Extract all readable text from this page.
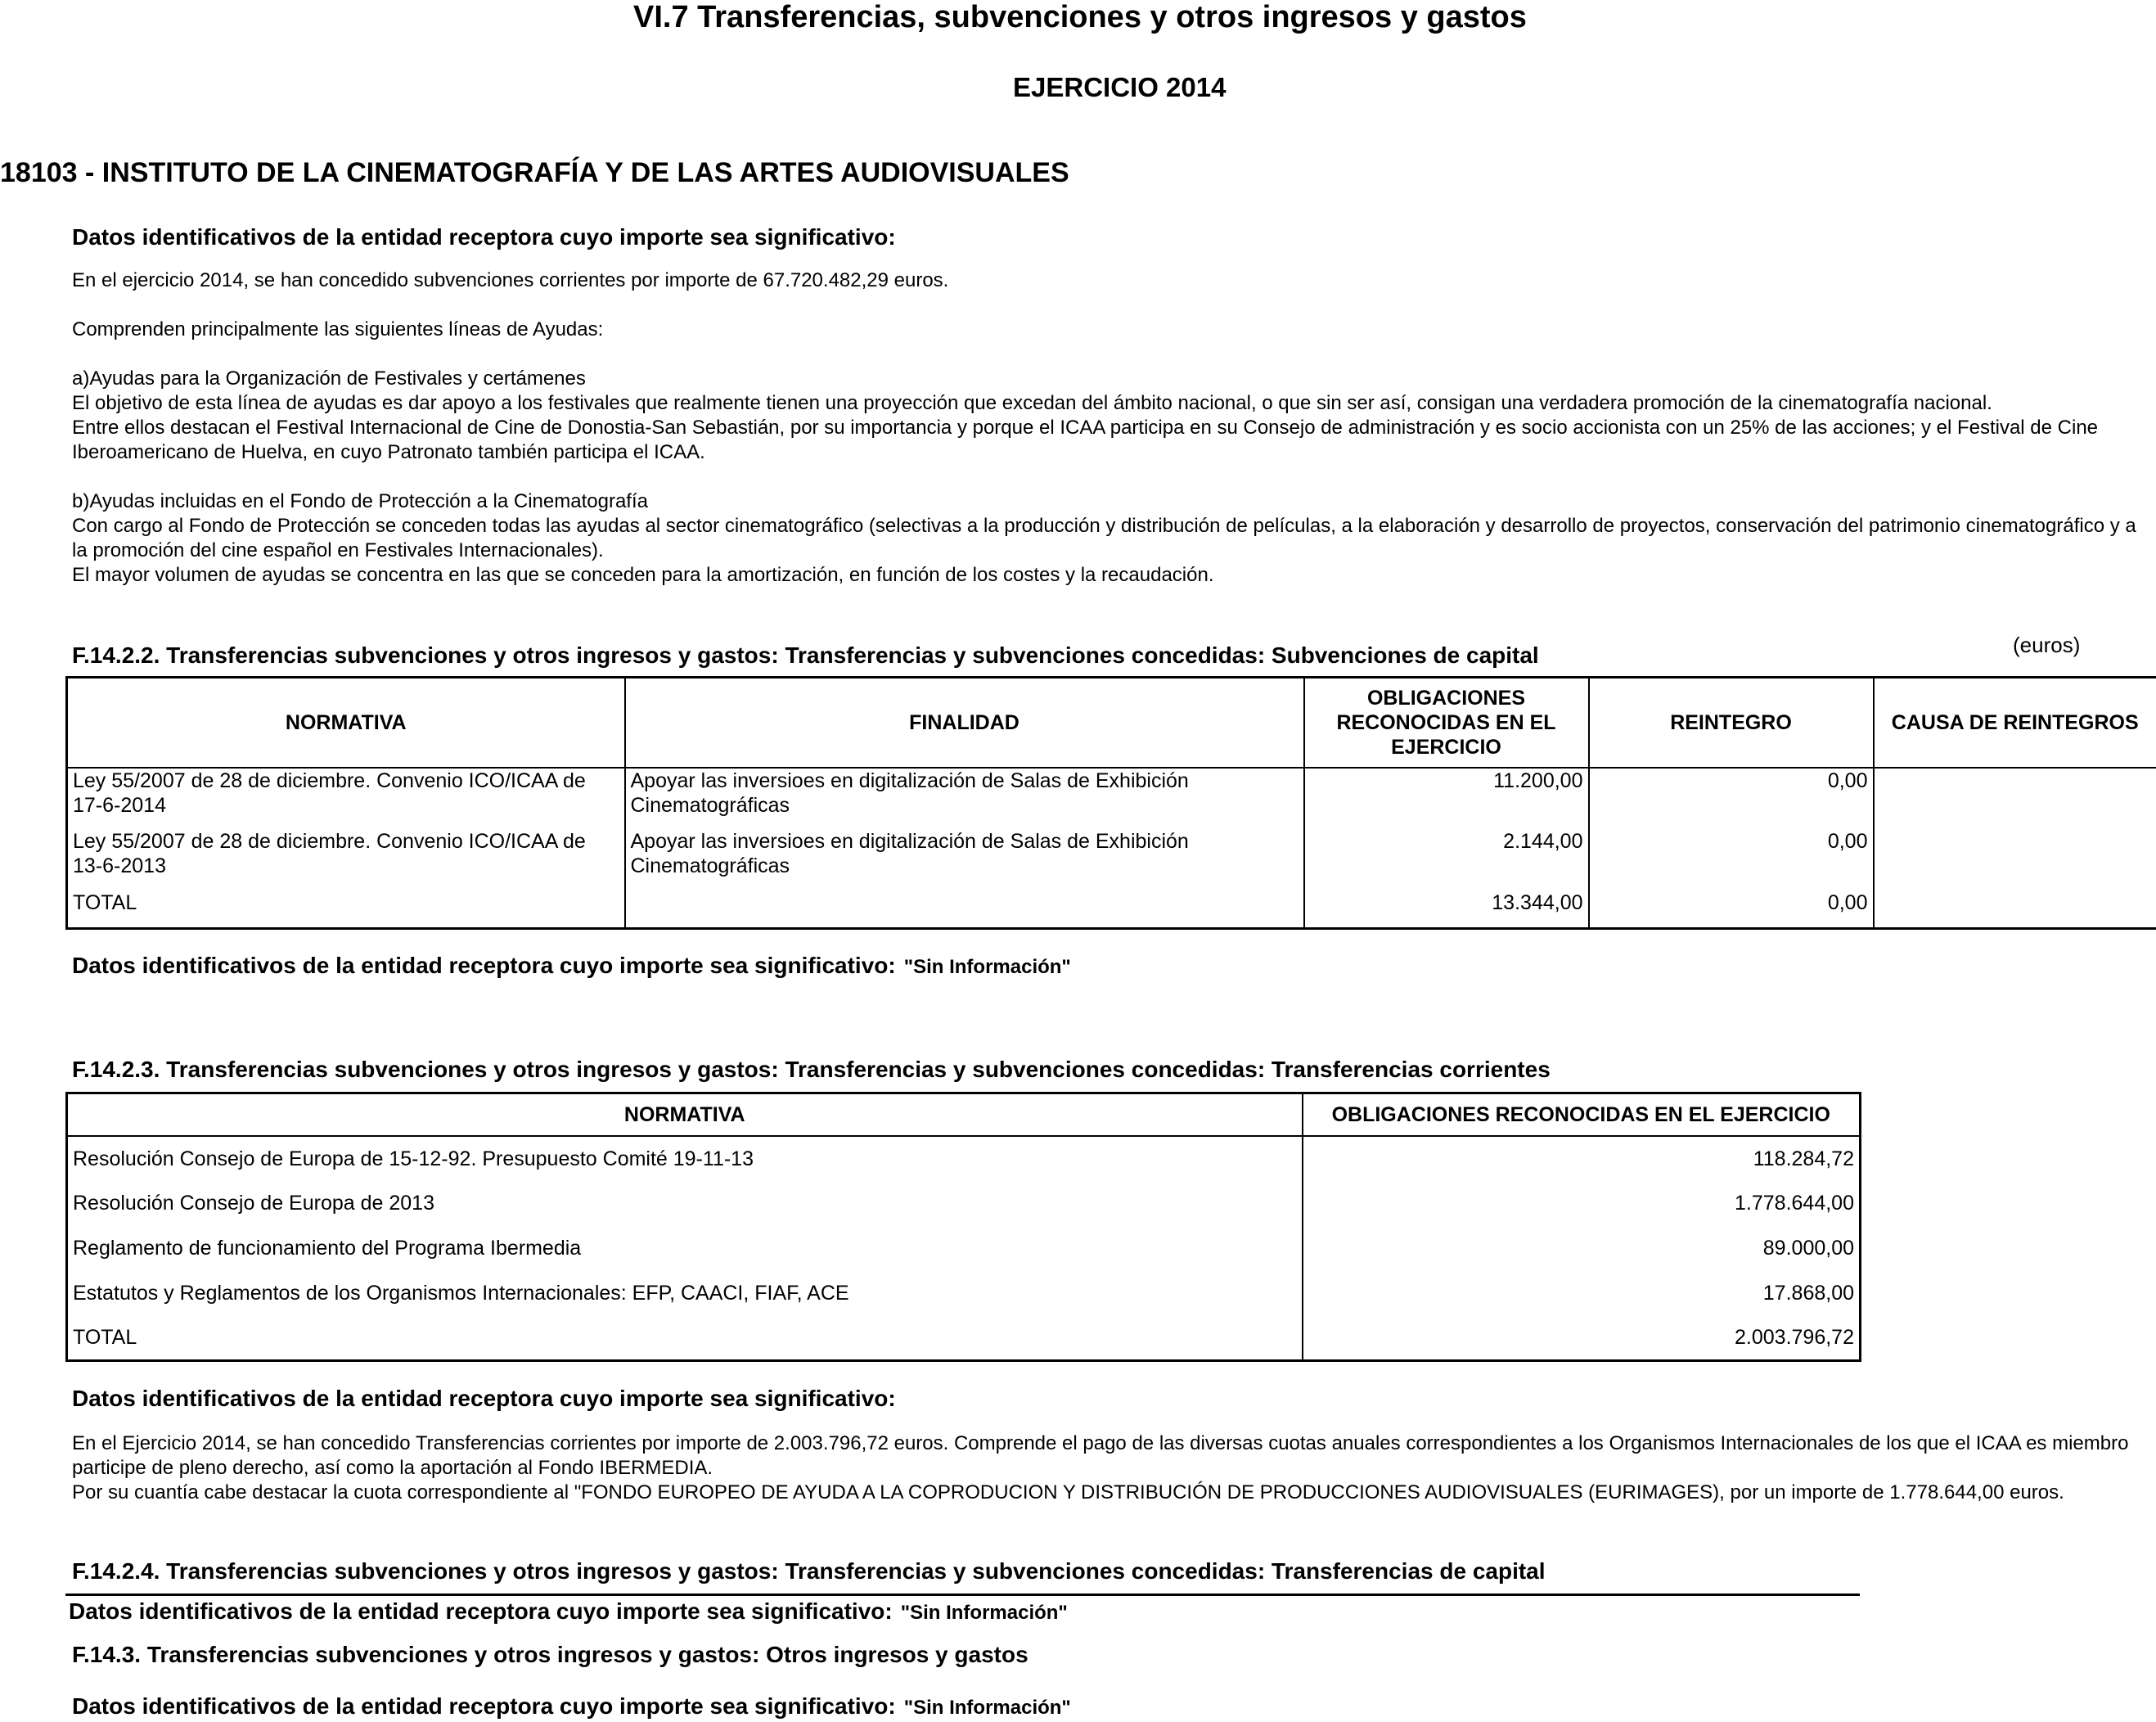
VI.7 Transferencias, subvenciones y otros ingresos y gastos
EJERCICIO 2014
18103 - INSTITUTO DE LA CINEMATOGRAFÍA Y DE LAS ARTES AUDIOVISUALES
Datos identificativos de la entidad receptora cuyo importe sea significativo:
En el ejercicio 2014, se han concedido subvenciones corrientes por importe de 67.720.482,29 euros.
Comprenden principalmente las siguientes líneas de Ayudas:
a)Ayudas para la Organización de Festivales y certámenes
El objetivo de esta línea de ayudas es dar apoyo a los festivales que realmente tienen una proyección que excedan del ámbito nacional, o que sin ser así, consigan una verdadera promoción de la cinematografía nacional.
Entre ellos destacan el Festival Internacional de Cine de Donostia-San Sebastián, por su importancia y porque el ICAA participa en su Consejo de administración y es socio accionista con un 25% de las acciones; y el Festival de Cine Iberoamericano de Huelva, en cuyo Patronato también participa el ICAA.
b)Ayudas incluidas en el Fondo de Protección a la Cinematografía
Con cargo al Fondo de Protección se conceden todas las ayudas al sector cinematográfico (selectivas a la producción y distribución de películas, a la elaboración y desarrollo de proyectos, conservación del patrimonio cinematográfico y a la promoción del cine español en Festivales Internacionales).
El mayor volumen de ayudas se concentra en las que se conceden para la amortización, en función de los costes y la recaudación.
F.14.2.2. Transferencias subvenciones y otros ingresos y gastos: Transferencias y subvenciones concedidas: Subvenciones de capital	(euros)
NORMATIVA	FINALIDAD	OBLIGACIONES RECONOCIDAS EN EL EJERCICIO	REINTEGRO	CAUSA DE REINTEGROS
Ley 55/2007 de 28 de diciembre. Convenio ICO/ICAA de 17-6-2014	Apoyar las inversioes en digitalización de Salas de Exhibición Cinematográficas	11.200,00	0,00	
Ley 55/2007 de 28 de diciembre. Convenio ICO/ICAA de 13-6-2013	Apoyar las inversioes en digitalización de Salas de Exhibición Cinematográficas	2.144,00	0,00	
TOTAL		13.344,00	0,00	
Datos identificativos de la entidad receptora cuyo importe sea significativo: "Sin Información"
F.14.2.3. Transferencias subvenciones y otros ingresos y gastos: Transferencias y subvenciones concedidas: Transferencias corrientes
NORMATIVA	OBLIGACIONES RECONOCIDAS EN EL EJERCICIO
Resolución Consejo de Europa de 15-12-92. Presupuesto Comité 19-11-13	118.284,72
Resolución Consejo de Europa de 2013	1.778.644,00
Reglamento de funcionamiento del Programa Ibermedia	89.000,00
Estatutos y Reglamentos de los Organismos Internacionales: EFP, CAACI, FIAF, ACE	17.868,00
TOTAL	2.003.796,72
Datos identificativos de la entidad receptora cuyo importe sea significativo:
En el Ejercicio 2014, se han concedido Transferencias corrientes por importe de 2.003.796,72 euros. Comprende el pago de las diversas cuotas anuales correspondientes a los Organismos Internacionales de los que el ICAA es miembro participe de pleno derecho, así como la aportación al Fondo IBERMEDIA.
Por su cuantía cabe destacar la cuota correspondiente al "FONDO EUROPEO DE AYUDA A LA COPRODUCION Y DISTRIBUCIÓN DE PRODUCCIONES AUDIOVISUALES (EURIMAGES), por un importe de 1.778.644,00 euros.
F.14.2.4. Transferencias subvenciones y otros ingresos y gastos: Transferencias y subvenciones concedidas: Transferencias de capital
Datos identificativos de la entidad receptora cuyo importe sea significativo: "Sin Información"
F.14.3. Transferencias subvenciones y otros ingresos y gastos: Otros ingresos y gastos
Datos identificativos de la entidad receptora cuyo importe sea significativo: "Sin Información"
